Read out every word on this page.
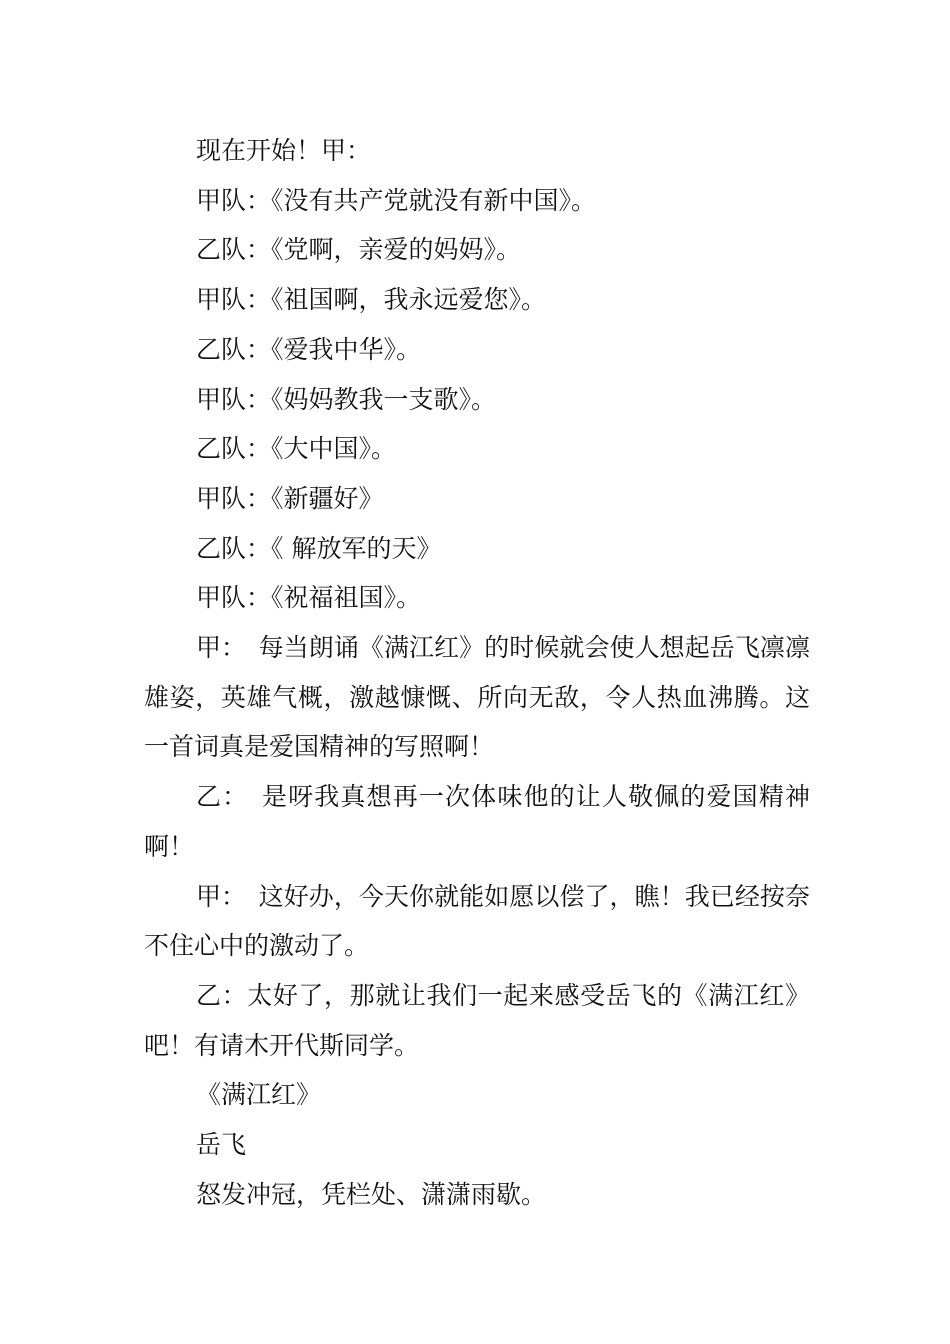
现在开始！甲：

甲队：《没有共产党就没有新中国》。

乙队：《党啊，亲爱的妈妈》。

甲队：《祖国啊，我永远爱您》。

乙队：《爱我中华》。

甲队：《妈妈教我一支歌》。

乙队：《大中国》。

甲队：《新疆好》

乙队：《 解放军的天》

甲队：《祝福祖国》。

甲：　每当朗诵《满江红》的时候就会使人想起岳飞凛凛雄姿，英雄气概，激越慷慨、所向无敌，令人热血沸腾。这一首词真是爱国精神的写照啊！

乙：　是呀我真想再一次体味他的让人敬佩的爱国精神啊！

甲：　这好办，今天你就能如愿以偿了，瞧！我已经按奈不住心中的激动了。

乙：太好了，那就让我们一起来感受岳飞的《满江红》吧！有请木开代斯同学。

《满江红》

岳飞

怒发冲冠，凭栏处、潇潇雨歇。
